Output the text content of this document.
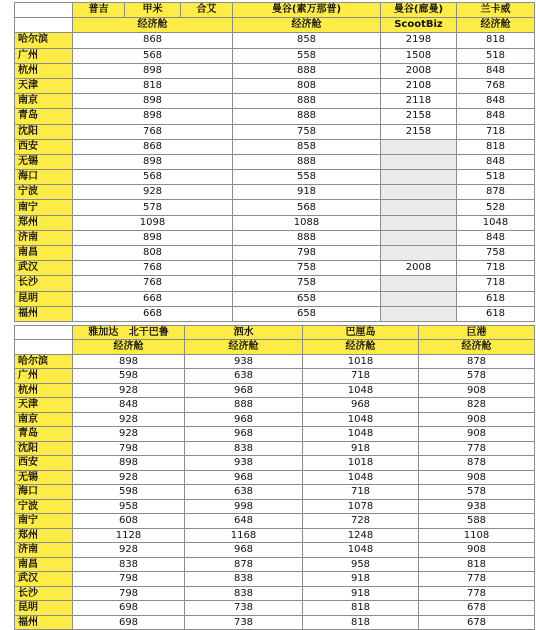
	普吉	甲米	合艾	曼谷(素万那普)	曼谷(廊曼)	兰卡威
	经济舱			经济舱	ScootBiz	经济舱
哈尔滨	868			858	2198	818
广州	568			558	1508	518
杭州	898			888	2008	848
天津	818			808	2108	768
南京	898			888	2118	848
青岛	898			888	2158	848
沈阳	768			758	2158	718
西安	868			858		818
无锡	898			888		848
海口	568			558		518
宁波	928			918		878
南宁	578			568		528
郑州	1098			1088		1048
济南	898			888		848
南昌	808			798		758
武汉	768			758	2008	718
长沙	768			758		718
昆明	668			658		618
福州	668			658		618
	雅加达 北干巴鲁	泗水	巴厘岛	巨港
	经济舱	经济舱	经济舱	经济舱
哈尔滨	898	938	1018	878
广州	598	638	718	578
杭州	928	968	1048	908
天津	848	888	968	828
南京	928	968	1048	908
青岛	928	968	1048	908
沈阳	798	838	918	778
西安	898	938	1018	878
无锡	928	968	1048	908
海口	598	638	718	578
宁波	958	998	1078	938
南宁	608	648	728	588
郑州	1128	1168	1248	1108
济南	928	968	1048	908
南昌	838	878	958	818
武汉	798	838	918	778
长沙	798	838	918	778
昆明	698	738	818	678
福州	698	738	818	678
